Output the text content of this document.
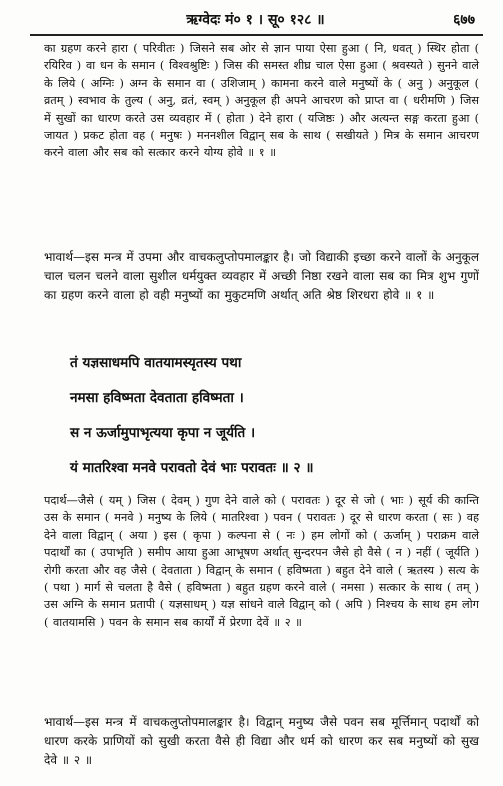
ऋग्वेदः मं० १ । सू० १२८ ॥	६७७
का ग्रहण करने हारा ( परिवीतः ) जिसने सब ओर से ज्ञान पाया ऐसा हुआ ( नि, धवत् ) स्थिर होता ( रयिरिव ) वा धन के समान ( विश्वश्रुष्टिः ) जिस की समस्त शीघ्र चाल ऐसा हुआ ( श्रवस्यते ) सुनने वाले के लिये ( अग्निः ) अग्न के समान वा ( उशिजाम् ) कामना करने वाले मनुष्यों के ( अनु ) अनुकूल ( व्रतम् ) स्वभाव के तुल्य ( अनु, व्रतं, स्वम् ) अनुकूल ही अपने आचरण को प्राप्त वा ( धरीमणि ) जिस में सुखों का धारण करते उस व्यवहार में ( होता ) देने हारा ( यजिष्ठः ) और अत्यन्त सङ्ग करता हुआ ( जायत ) प्रकट होता वह ( मनुषः ) मननशील विद्वान् सब के साथ ( सखीयते ) मित्र के समान आचरण करने वाला और सब को सत्कार करने योग्य होवे ॥ १ ॥
भावार्थ—इस मन्त्र में उपमा और वाचकलुप्तोपमालङ्कार है। जो विद्याकी इच्छा करने वालों के अनुकूल चाल चलन चलने वाला सुशील धर्मयुक्त व्यवहार में अच्छी निष्ठा रखने वाला सब का मित्र शुभ गुणों का ग्रहण करने वाला हो वही मनुष्यों का मुकुटमणि अर्थात् अति श्रेष्ठ शिरधरा होवे ॥ १ ॥
तं यज्ञसाधमपि वातयामस्यृतस्य पथा
नमसा हविष्मता देवताता हविष्मता ।
स न ऊर्जामुपाभृत्यया कृपा न जूर्यति ।
यं मातरिश्वा मनवे परावतो देवं भाः परावतः ॥ २ ॥
पदार्थ—जैसे ( यम् ) जिस ( देवम् ) गुण देने वाले को ( परावतः ) दूर से जो ( भाः ) सूर्य की कान्ति उस के समान ( मनवे ) मनुष्य के लिये ( मातरिश्वा ) पवन ( परावतः ) दूर से धारण करता ( सः ) वह देने वाला विद्वान् ( अया ) इस ( कृपा ) कल्पना से ( नः ) हम लोगों को ( ऊर्जाम् ) पराक्रम वाले पदार्थों का ( उपाभृति ) समीप आया हुआ आभूषण अर्थात् सुन्दरपन जैसे हो वैसे ( न ) नहीं ( जूर्यति ) रोगी करता और वह जैसे ( देवताता ) विद्वान् के समान ( हविष्मता ) बहुत देने वाले ( ऋतस्य ) सत्य के ( पथा ) मार्ग से चलता है वैसे ( हविष्मता ) बहुत ग्रहण करने वाले ( नमसा ) सत्कार के साथ ( तम् ) उस अग्नि के समान प्रतापी ( यज्ञसाधम् ) यज्ञ सांधने वाले विद्वान् को ( अपि ) निश्चय के साथ हम लोग ( वातयामसि ) पवन के समान सब कार्यों में प्रेरणा देवें ॥ २ ॥
भावार्थ—इस मन्त्र में वाचकलुप्तोपमालङ्कार है। विद्वान् मनुष्य जैसे पवन सब मूर्त्तिमान् पदार्थों को धारण करके प्राणियों को सुखी करता वैसे ही विद्या और धर्म को धारण कर सब मनुष्यों को सुख देवे ॥ २ ॥
